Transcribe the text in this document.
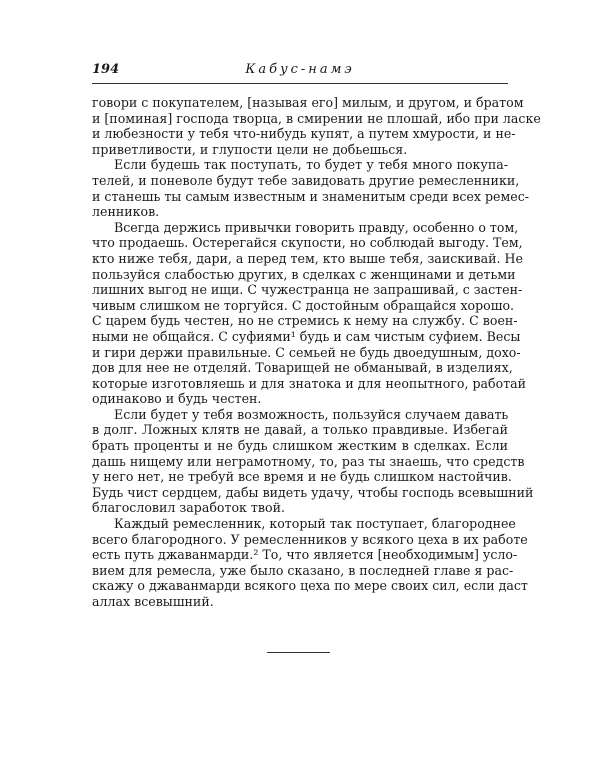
194	Кабус-намэ
говори с покупателем, [называя его] милым, и другом, и братом
и [поминая] господа творца, в смирении не плошай, ибо при ласке
и любезности у тебя что-нибудь купят, а путем хмурости, и не-
приветливости, и глупости цели не добьешься.
Если будешь так поступать, то будет у тебя много покупа-
телей, и поневоле будут тебе завидовать другие ремесленники,
и станешь ты самым известным и знаменитым среди всех ремес-
ленников.
Всегда держись привычки говорить правду, особенно о том,
что продаешь. Остерегайся скупости, но соблюдай выгоду. Тем,
кто ниже тебя, дари, а перед тем, кто выше тебя, заискивай. Не
пользуйся слабостью других, в сделках с женщинами и детьми
лишних выгод не ищи. С чужестранца не запрашивай, с застен-
чивым слишком не торгуйся. С достойным обращайся хорошо.
С царем будь честен, но не стремись к нему на службу. С воен-
ными не общайся. С суфиями¹ будь и сам чистым суфием. Весы
и гири держи правильные. С семьей не будь двоедушным, дохо-
дов для нее не отделяй. Товарищей не обманывай, в изделиях,
которые изготовляешь и для знатока и для неопытного, работай
одинаково и будь честен.
Если будет у тебя возможность, пользуйся случаем давать
в долг. Ложных клятв не давай, а только правдивые. Избегай
брать проценты и не будь слишком жестким в сделках. Если
дашь нищему или неграмотному, то, раз ты знаешь, что средств
у него нет, не требуй все время и не будь слишком настойчив.
Будь чист сердцем, дабы видеть удачу, чтобы господь всевышний
благословил заработок твой.
Каждый ремесленник, который так поступает, благороднее
всего благородного. У ремесленников у всякого цеха в их работе
есть путь джаванмарди.² То, что является [необходимым] усло-
вием для ремесла, уже было сказано, в последней главе я рас-
скажу о джаванмарди всякого цеха по мере своих сил, если даст
аллах всевышний.
